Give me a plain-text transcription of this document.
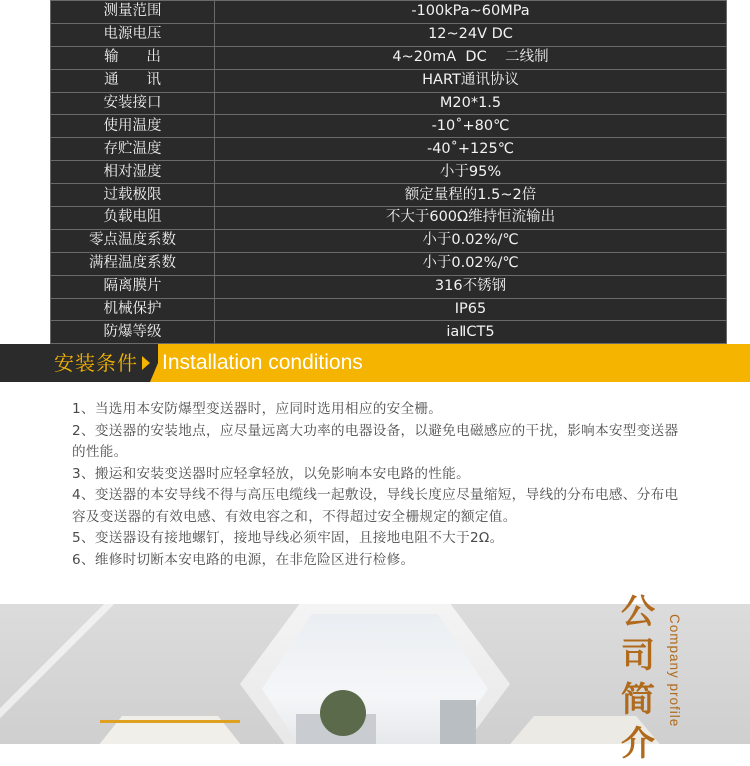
测量范围	-100kPa~60MPa
电源电压	12~24V DC
输      出	4~20mA  DC    二线制
通      讯	HART通讯协议
安装接口	M20*1.5
使用温度	-10˚+80℃
存贮温度	-40˚+125℃
相对湿度	小于95%
过载极限	额定量程的1.5~2倍
负载电阻	不大于600Ω维持恒流输出
零点温度系数	小于0.02%/℃
满程温度系数	小于0.02%/℃
隔离膜片	316不锈钢
机械保护	IP65
防爆等级	iaⅡCT5
安装条件 Installation conditions
1、当选用本安防爆型变送器时，应同时选用相应的安全栅。
2、变送器的安装地点，应尽量远离大功率的电器设备，以避免电磁感应的干扰，影响本安型变送器的性能。
3、搬运和安装变送器时应轻拿轻放，以免影响本安电路的性能。
4、变送器的本安导线不得与高压电缆线一起敷设，导线长度应尽量缩短，导线的分布电感、分布电容及变送器的有效电感、有效电容之和，不得超过安全栅规定的额定值。
5、变送器设有接地螺钉，接地导线必须牢固，且接地电阻不大于2Ω。
6、维修时切断本安电路的电源，在非危险区进行检修。
公
司
简
介
Company profile
